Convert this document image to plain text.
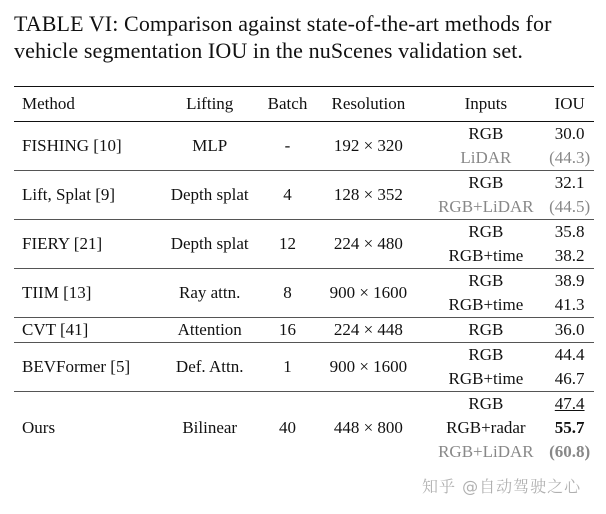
TABLE VI: Comparison against state-of-the-art methods for vehicle segmentation IOU in the nuScenes validation set.
Method	Lifting	Batch	Resolution	Inputs	IOU
FISHING [10]	MLP	-	192 × 320	RGB	30.0
				LiDAR	(44.3)
Lift, Splat [9]	Depth splat	4	128 × 352	RGB	32.1
				RGB+LiDAR	(44.5)
FIERY [21]	Depth splat	12	224 × 480	RGB	35.8
				RGB+time	38.2
TIIM [13]	Ray attn.	8	900 × 1600	RGB	38.9
				RGB+time	41.3
CVT [41]	Attention	16	224 × 448	RGB	36.0
BEVFormer [5]	Def. Attn.	1	900 × 1600	RGB	44.4
				RGB+time	46.7
Ours	Bilinear	40	448 × 800	RGB	47.4
				RGB+radar	55.7
				RGB+LiDAR	(60.8)
知乎 @自动驾驶之心
